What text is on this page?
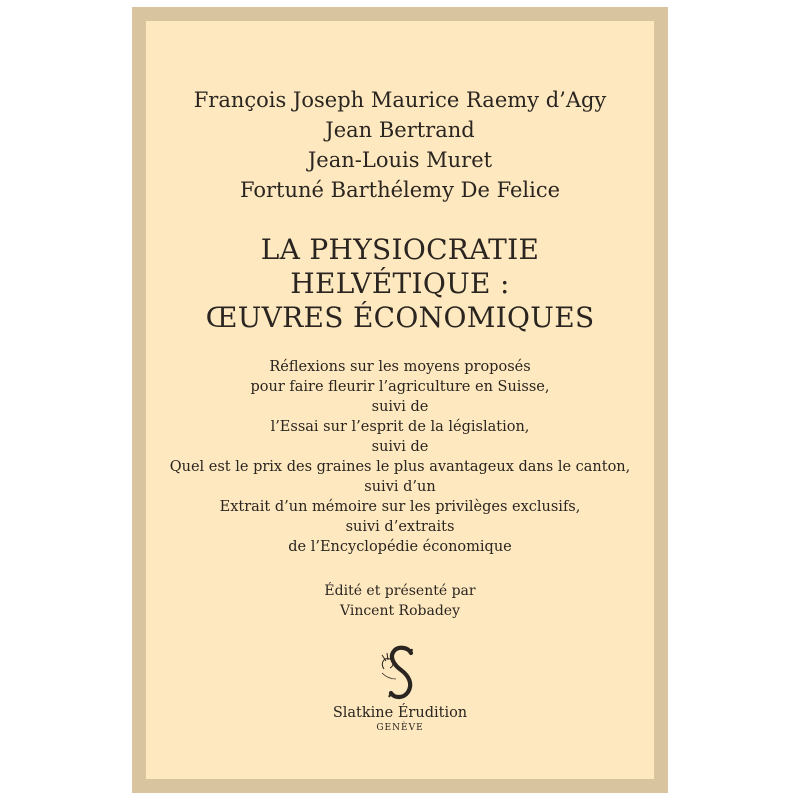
François Joseph Maurice Raemy d’Agy
Jean Bertrand
Jean-Louis Muret
Fortuné Barthélemy De Felice
LA PHYSIOCRATIE
HELVÉTIQUE :
ŒUVRES ÉCONOMIQUES
Réflexions sur les moyens proposés
pour faire fleurir l’agriculture en Suisse,
suivi de
l’Essai sur l’esprit de la législation,
suivi de
Quel est le prix des graines le plus avantageux dans le canton,
suivi d’un
Extrait d’un mémoire sur les privilèges exclusifs,
suivi d’extraits
de l’Encyclopédie économique
Édité et présenté par
Vincent Robadey
Slatkine Érudition
GENÈVE
